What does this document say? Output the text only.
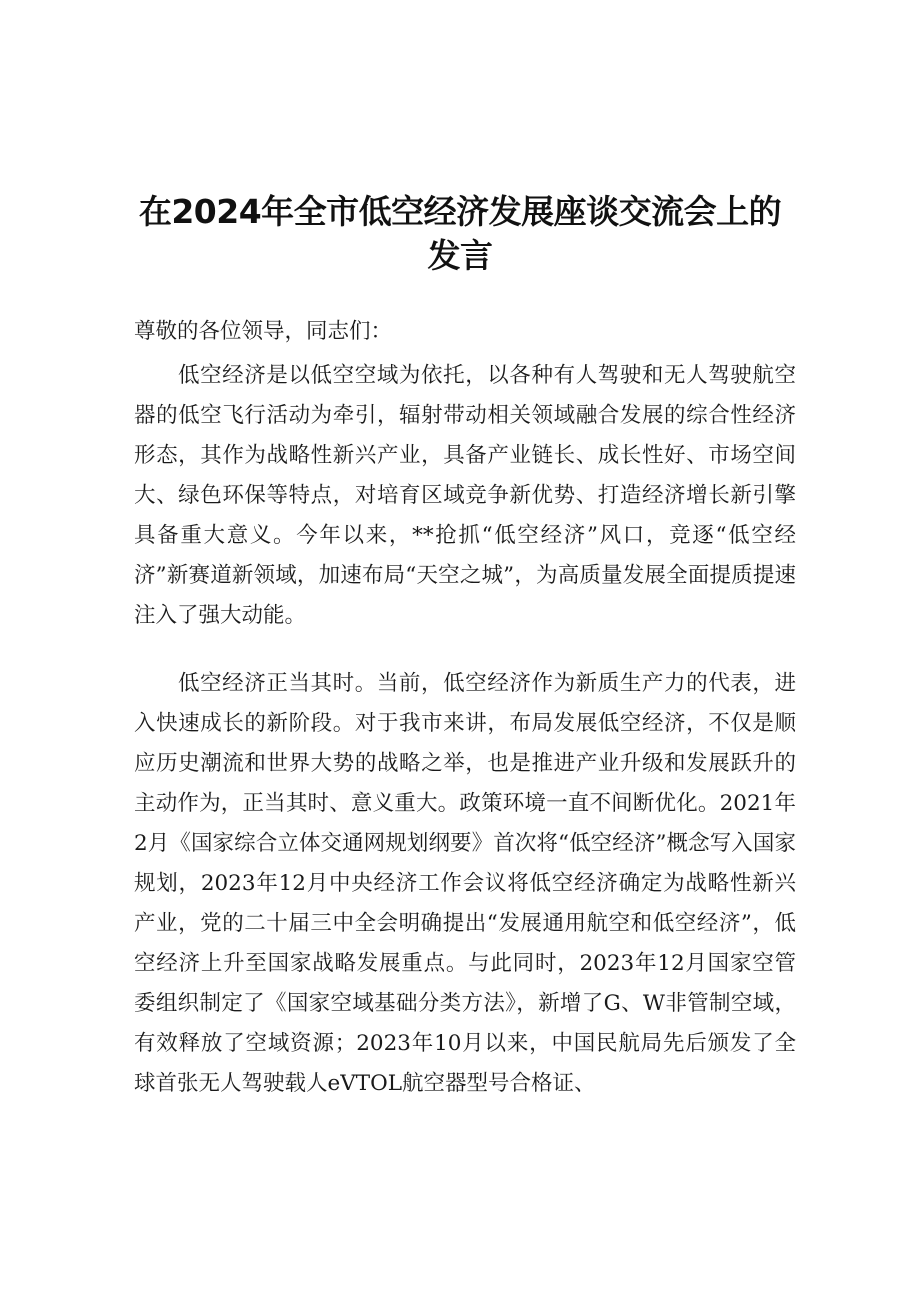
在2024年全市低空经济发展座谈交流会上的发言

尊敬的各位领导，同志们：

低空经济是以低空空域为依托，以各种有人驾驶和无人驾驶航空器的低空飞行活动为牵引，辐射带动相关领域融合发展的综合性经济形态，其作为战略性新兴产业，具备产业链长、成长性好、市场空间大、绿色环保等特点，对培育区域竞争新优势、打造经济增长新引擎具备重大意义。今年以来，**抢抓“低空经济”风口，竞逐“低空经济”新赛道新领域，加速布局“天空之城”，为高质量发展全面提质提速注入了强大动能。

低空经济正当其时。当前，低空经济作为新质生产力的代表，进入快速成长的新阶段。对于我市来讲，布局发展低空经济，不仅是顺应历史潮流和世界大势的战略之举，也是推进产业升级和发展跃升的主动作为，正当其时、意义重大。政策环境一直不间断优化。2021年2月《国家综合立体交通网规划纲要》首次将“低空经济”概念写入国家规划，2023年12月中央经济工作会议将低空经济确定为战略性新兴产业，党的二十届三中全会明确提出“发展通用航空和低空经济”，低空经济上升至国家战略发展重点。与此同时，2023年12月国家空管委组织制定了《国家空域基础分类方法》，新增了G、W非管制空域，有效释放了空域资源；2023年10月以来，中国民航局先后颁发了全球首张无人驾驶载人eVTOL航空器型号合格证、
